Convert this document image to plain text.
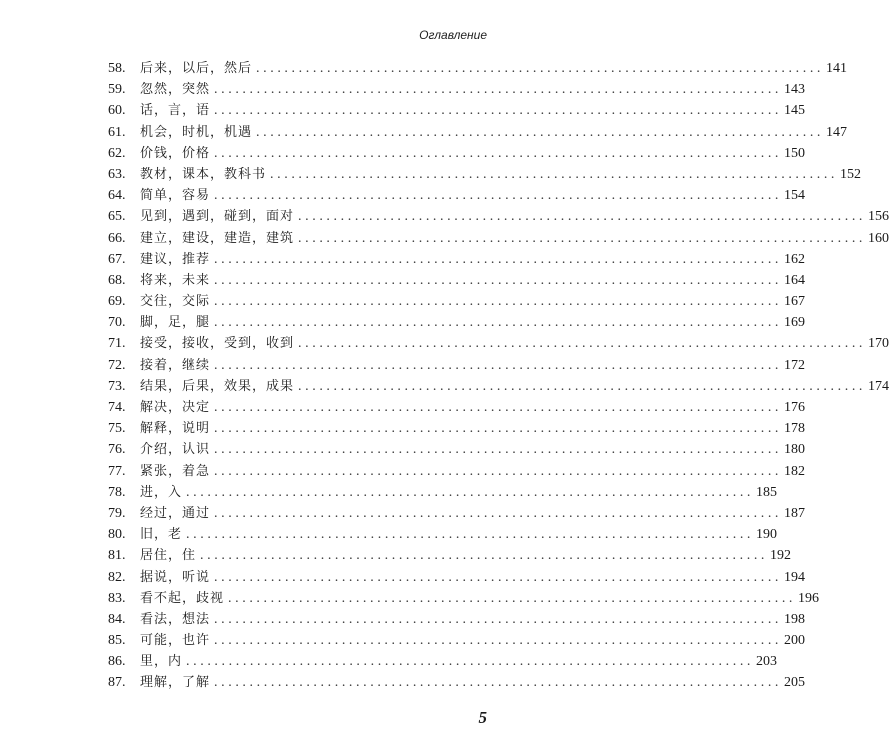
Оглавление
58.	后来，以后，然后 ................................................................................ 141
59.	忽然，突然 ................................................................................ 143
60.	话，言，语 ................................................................................ 145
61.	机会，时机，机遇 ................................................................................ 147
62.	价钱，价格 ................................................................................ 150
63.	教材，课本，教科书 ................................................................................ 152
64.	简单，容易 ................................................................................ 154
65.	见到，遇到，碰到，面对 ................................................................................ 156
66.	建立，建设，建造，建筑 ................................................................................ 160
67.	建议，推荐 ................................................................................ 162
68.	将来，未来 ................................................................................ 164
69.	交往，交际 ................................................................................ 167
70.	脚，足，腿 ................................................................................ 169
71.	接受，接收，受到，收到 ................................................................................ 170
72.	接着，继续 ................................................................................ 172
73.	结果，后果，效果，成果 ................................................................................ 174
74.	解决，决定 ................................................................................ 176
75.	解释，说明 ................................................................................ 178
76.	介绍，认识 ................................................................................ 180
77.	紧张，着急 ................................................................................ 182
78.	进，入 ................................................................................ 185
79.	经过，通过 ................................................................................ 187
80.	旧，老 ................................................................................ 190
81.	居住，住 ................................................................................ 192
82.	据说，听说 ................................................................................ 194
83.	看不起，歧视 ................................................................................ 196
84.	看法，想法 ................................................................................ 198
85.	可能，也许 ................................................................................ 200
86.	里，内 ................................................................................ 203
87.	理解，了解 ................................................................................ 205
5
